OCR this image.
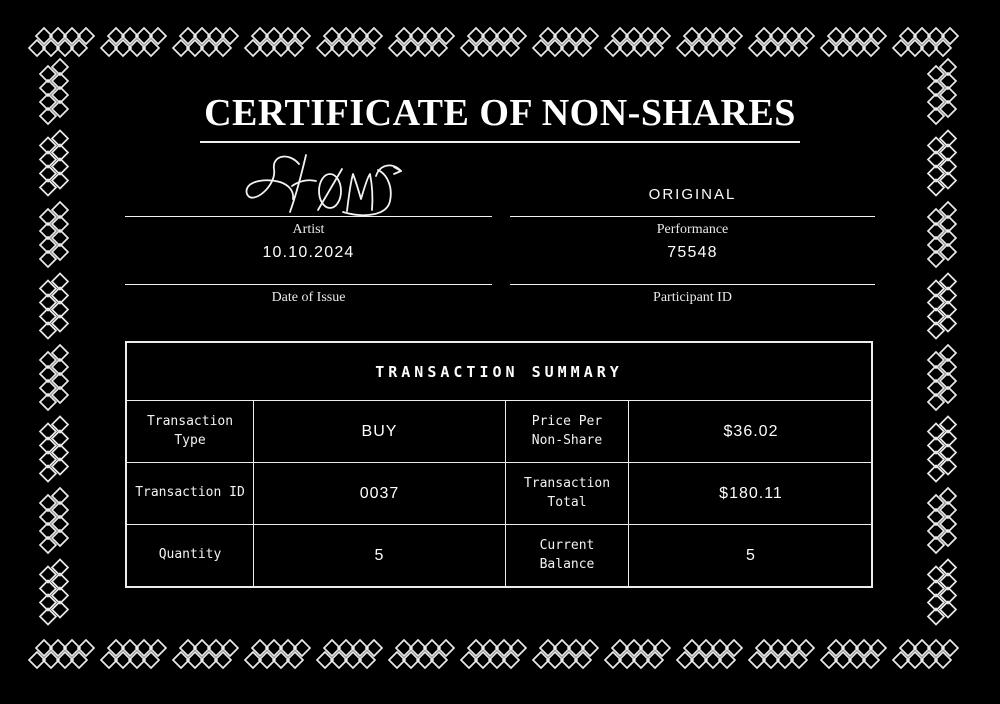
CERTIFICATE OF NON-SHARES
Artist
10.10.2024
Date of Issue
ORIGINAL
Performance
75548
Participant ID
TRANSACTION SUMMARY
Transaction Type
BUY
Price Per Non-Share
$36.02
Transaction ID	0037
Transaction Total
$180.11
Quantity	5
Current Balance
5
